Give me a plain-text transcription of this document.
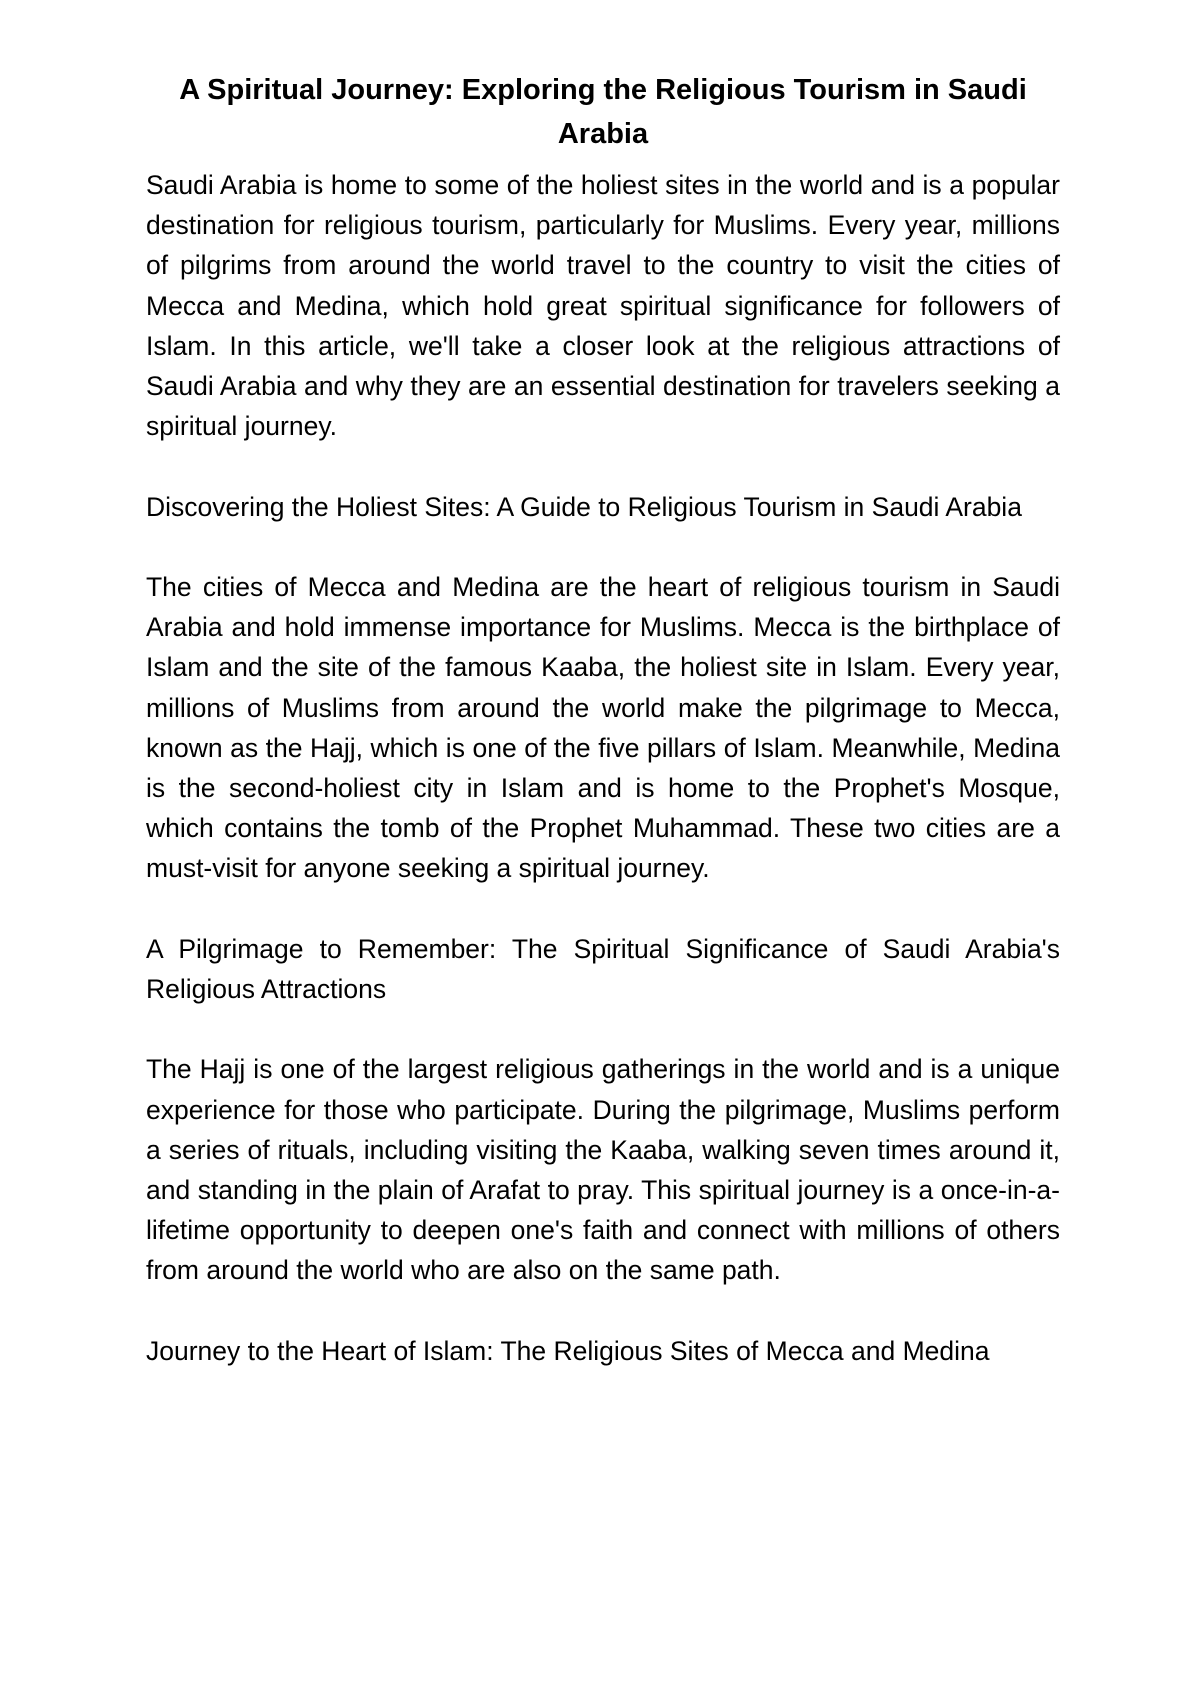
A Spiritual Journey: Exploring the Religious Tourism in Saudi Arabia

Saudi Arabia is home to some of the holiest sites in the world and is a popular destination for religious tourism, particularly for Muslims. Every year, millions of pilgrims from around the world travel to the country to visit the cities of Mecca and Medina, which hold great spiritual significance for followers of Islam. In this article, we'll take a closer look at the religious attractions of Saudi Arabia and why they are an essential destination for travelers seeking a spiritual journey.

Discovering the Holiest Sites: A Guide to Religious Tourism in Saudi Arabia

The cities of Mecca and Medina are the heart of religious tourism in Saudi Arabia and hold immense importance for Muslims. Mecca is the birthplace of Islam and the site of the famous Kaaba, the holiest site in Islam. Every year, millions of Muslims from around the world make the pilgrimage to Mecca, known as the Hajj, which is one of the five pillars of Islam. Meanwhile, Medina is the second-holiest city in Islam and is home to the Prophet's Mosque, which contains the tomb of the Prophet Muhammad. These two cities are a must-visit for anyone seeking a spiritual journey.

A Pilgrimage to Remember: The Spiritual Significance of Saudi Arabia's Religious Attractions

The Hajj is one of the largest religious gatherings in the world and is a unique experience for those who participate. During the pilgrimage, Muslims perform a series of rituals, including visiting the Kaaba, walking seven times around it, and standing in the plain of Arafat to pray. This spiritual journey is a once-in-a-lifetime opportunity to deepen one's faith and connect with millions of others from around the world who are also on the same path.

Journey to the Heart of Islam: The Religious Sites of Mecca and Medina
